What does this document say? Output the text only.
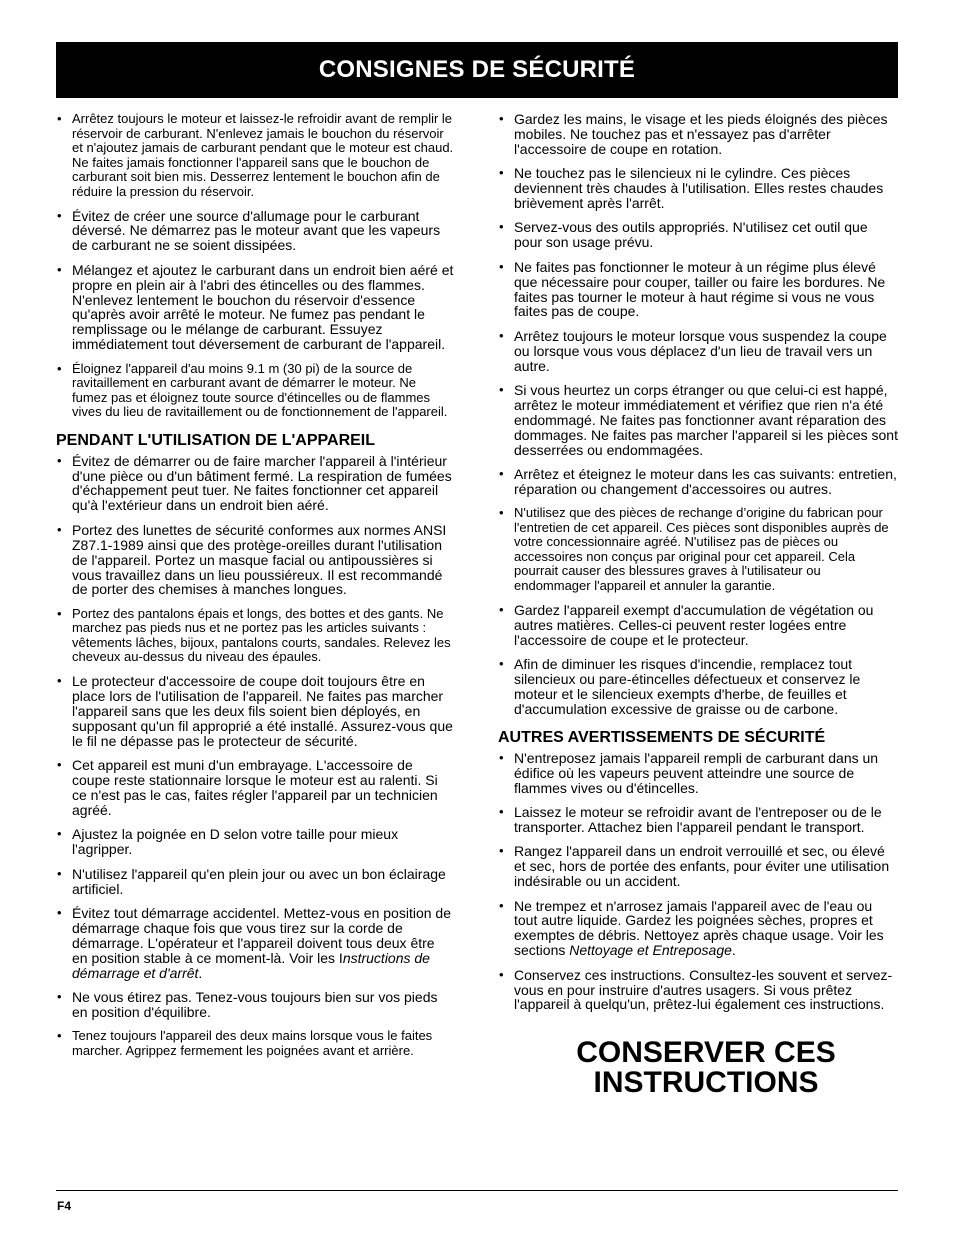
CONSIGNES DE SÉCURITÉ
• Arrêtez toujours le moteur et laissez-le refroidir avant de remplir le réservoir de carburant. N'enlevez jamais le bouchon du réservoir et n'ajoutez jamais de carburant pendant que le moteur est chaud. Ne faites jamais fonctionner l'appareil sans que le bouchon de carburant soit bien mis. Desserrez lentement le bouchon afin de réduire la pression du réservoir.
• Évitez de créer une source d'allumage pour le carburant déversé. Ne démarrez pas le moteur avant que les vapeurs de carburant ne se soient dissipées.
• Mélangez et ajoutez le carburant dans un endroit bien aéré et propre en plein air à l'abri des étincelles ou des flammes. N'enlevez lentement le bouchon du réservoir d'essence qu'après avoir arrêté le moteur. Ne fumez pas pendant le remplissage ou le mélange de carburant. Essuyez immédiatement tout déversement de carburant de l'appareil.
• Éloignez l'appareil d'au moins 9.1 m (30 pi) de la source de ravitaillement en carburant avant de démarrer le moteur. Ne fumez pas et éloignez toute source d'étincelles ou de flammes vives du lieu de ravitaillement ou de fonctionnement de l'appareil.
PENDANT L'UTILISATION DE L'APPAREIL
• Évitez de démarrer ou de faire marcher l'appareil à l'intérieur d'une pièce ou d'un bâtiment fermé. La respiration de fumées d'échappement peut tuer. Ne faites fonctionner cet appareil qu'à l'extérieur dans un endroit bien aéré.
• Portez des lunettes de sécurité conformes aux normes ANSI Z87.1-1989 ainsi que des protège-oreilles durant l'utilisation de l'appareil. Portez un masque facial ou antipoussières si vous travaillez dans un lieu poussiéreux. Il est recommandé de porter des chemises à manches longues.
• Portez des pantalons épais et longs, des bottes et des gants. Ne marchez pas pieds nus et ne portez pas les articles suivants : vêtements lâches, bijoux, pantalons courts, sandales. Relevez les cheveux au-dessus du niveau des épaules.
• Le protecteur d'accessoire de coupe doit toujours être en place lors de l'utilisation de l'appareil. Ne faites pas marcher l'appareil sans que les deux fils soient bien déployés, en supposant qu'un fil approprié a été installé. Assurez-vous que le fil ne dépasse pas le protecteur de sécurité.
• Cet appareil est muni d'un embrayage. L'accessoire de coupe reste stationnaire lorsque le moteur est au ralenti. Si ce n'est pas le cas, faites régler l'appareil par un technicien agréé.
• Ajustez la poignée en D selon votre taille pour mieux l'agripper.
• N'utilisez l'appareil qu'en plein jour ou avec un bon éclairage artificiel.
• Évitez tout démarrage accidentel. Mettez-vous en position de démarrage chaque fois que vous tirez sur la corde de démarrage. L'opérateur et l'appareil doivent tous deux être en position stable à ce moment-là. Voir les Instructions de démarrage et d'arrêt.
• Ne vous étirez pas. Tenez-vous toujours bien sur vos pieds en position d'équilibre.
• Tenez toujours l'appareil des deux mains lorsque vous le faites marcher. Agrippez fermement les poignées avant et arrière.
• Gardez les mains, le visage et les pieds éloignés des pièces mobiles. Ne touchez pas et n'essayez pas d'arrêter l'accessoire de coupe en rotation.
• Ne touchez pas le silencieux ni le cylindre. Ces pièces deviennent très chaudes à l'utilisation. Elles restes chaudes brièvement après l'arrêt.
• Servez-vous des outils appropriés. N'utilisez cet outil que pour son usage prévu.
• Ne faites pas fonctionner le moteur à un régime plus élevé que nécessaire pour couper, tailler ou faire les bordures. Ne faites pas tourner le moteur à haut régime si vous ne vous faites pas de coupe.
• Arrêtez toujours le moteur lorsque vous suspendez la coupe ou lorsque vous vous déplacez d'un lieu de travail vers un autre.
• Si vous heurtez un corps étranger ou que celui-ci est happé, arrêtez le moteur immédiatement et vérifiez que rien n'a été endommagé. Ne faites pas fonctionner avant réparation des dommages. Ne faites pas marcher l'appareil si les pièces sont desserrées ou endommagées.
• Arrêtez et éteignez le moteur dans les cas suivants: entretien, réparation ou changement d'accessoires ou autres.
• N'utilisez que des pièces de rechange d’origine du fabrican pour l'entretien de cet appareil. Ces pièces sont disponibles auprès de votre concessionnaire agréé. N'utilisez pas de pièces ou accessoires non conçus par original pour cet appareil. Cela pourrait causer des blessures graves à l'utilisateur ou endommager l'appareil et annuler la garantie.
• Gardez l'appareil exempt d'accumulation de végétation ou autres matières. Celles-ci peuvent rester logées entre l'accessoire de coupe et le protecteur.
• Afin de diminuer les risques d'incendie, remplacez tout silencieux ou pare-étincelles défectueux et conservez le moteur et le silencieux exempts d'herbe, de feuilles et d'accumulation excessive de graisse ou de carbone.
AUTRES AVERTISSEMENTS DE SÉCURITÉ
• N'entreposez jamais l'appareil rempli de carburant dans un édifice où les vapeurs peuvent atteindre une source de flammes vives ou d'étincelles.
• Laissez le moteur se refroidir avant de l'entreposer ou de le transporter. Attachez bien l'appareil pendant le transport.
• Rangez l'appareil dans un endroit verrouillé et sec, ou élevé et sec, hors de portée des enfants, pour éviter une utilisation indésirable ou un accident.
• Ne trempez et n'arrosez jamais l'appareil avec de l'eau ou tout autre liquide. Gardez les poignées sèches, propres et exemptes de débris. Nettoyez après chaque usage. Voir les sections Nettoyage et Entreposage.
• Conservez ces instructions. Consultez-les souvent et servez-vous en pour instruire d'autres usagers. Si vous prêtez l'appareil à quelqu'un, prêtez-lui également ces instructions.
CONSERVER CES
INSTRUCTIONS
F4
